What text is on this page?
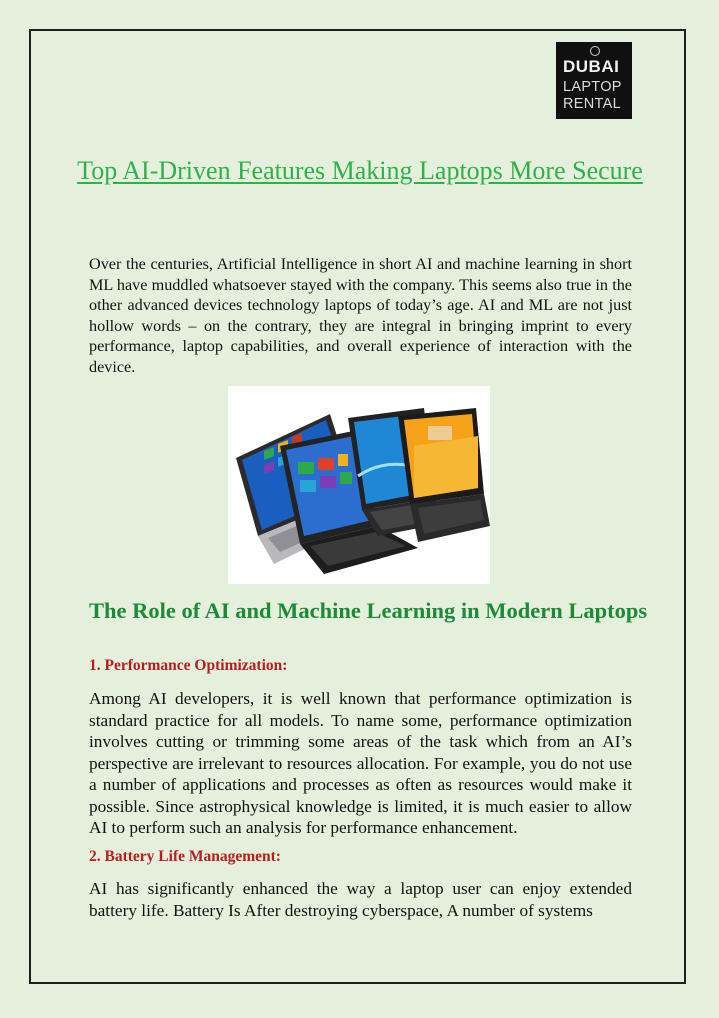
DUBAI
LAPTOP
RENTAL
Top AI-Driven Features Making Laptops More Secure

Over the centuries, Artificial Intelligence in short AI and machine learning in short ML have muddled whatsoever stayed with the company. This seems also true in the other advanced devices technology laptops of today’s age. AI and ML are not just hollow words – on the contrary, they are integral in bringing imprint to every performance, laptop capabilities, and overall experience of interaction with the device.

The Role of AI and Machine Learning in Modern Laptops
1. Performance Optimization:

Among AI developers, it is well known that performance optimization is standard practice for all models. To name some, performance optimization involves cutting or trimming some areas of the task which from an AI’s perspective are irrelevant to resources allocation. For example, you do not use a number of applications and processes as often as resources would make it possible. Since astrophysical knowledge is limited, it is much easier to allow AI to perform such an analysis for performance enhancement.

2. Battery Life Management:

AI has significantly enhanced the way a laptop user can enjoy extended battery life. Battery Is After destroying cyberspace, A number of systems
